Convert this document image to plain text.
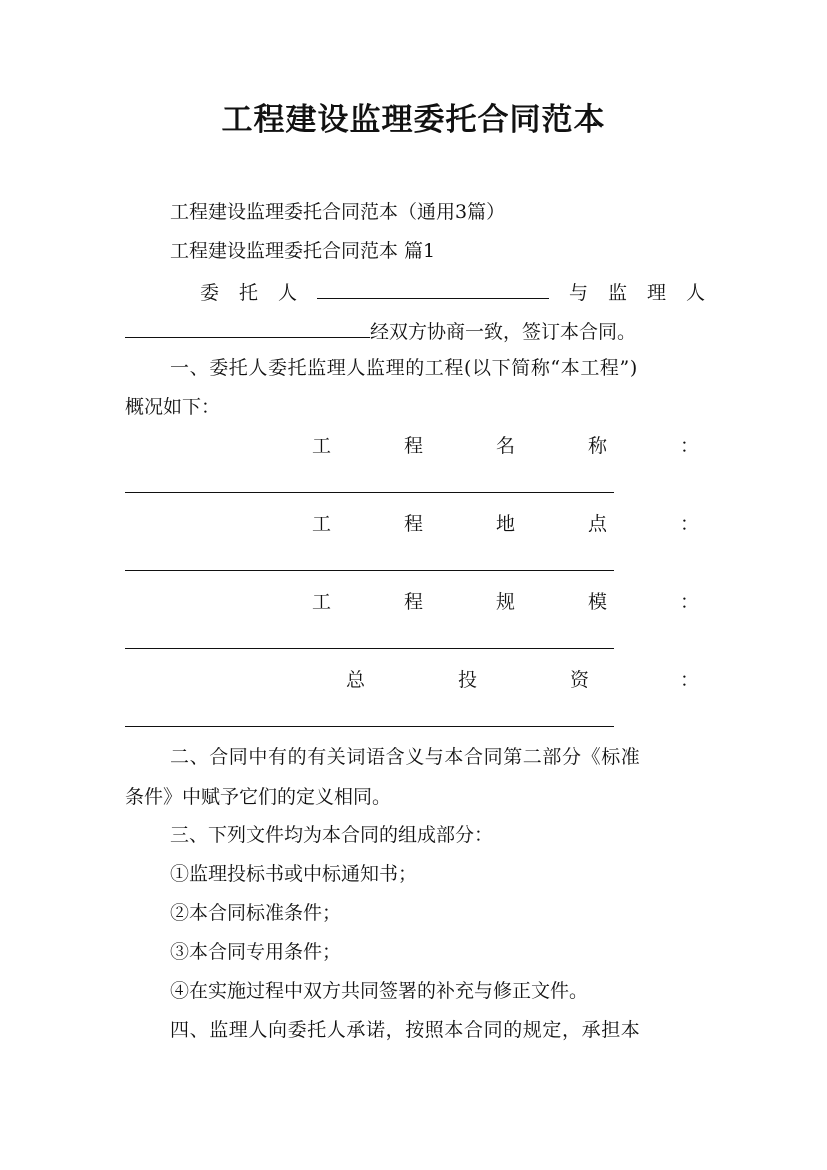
工程建设监理委托合同范本
工程建设监理委托合同范本（通用3篇）
工程建设监理委托合同范本 篇1
委 托 人	与 监 理 人
经双方协商一致，签订本合同。
一、委托人委托监理人监理的工程(以下简称“本工程”)
概况如下：
工	程	名	称	：
工	程	地	点	：
工	程	规	模	：
总	投	资	：
二、合同中有的有关词语含义与本合同第二部分《标准
条件》中赋予它们的定义相同。
三、下列文件均为本合同的组成部分：
①监理投标书或中标通知书；
②本合同标准条件；
③本合同专用条件；
④在实施过程中双方共同签署的补充与修正文件。
四、监理人向委托人承诺，按照本合同的规定，承担本
